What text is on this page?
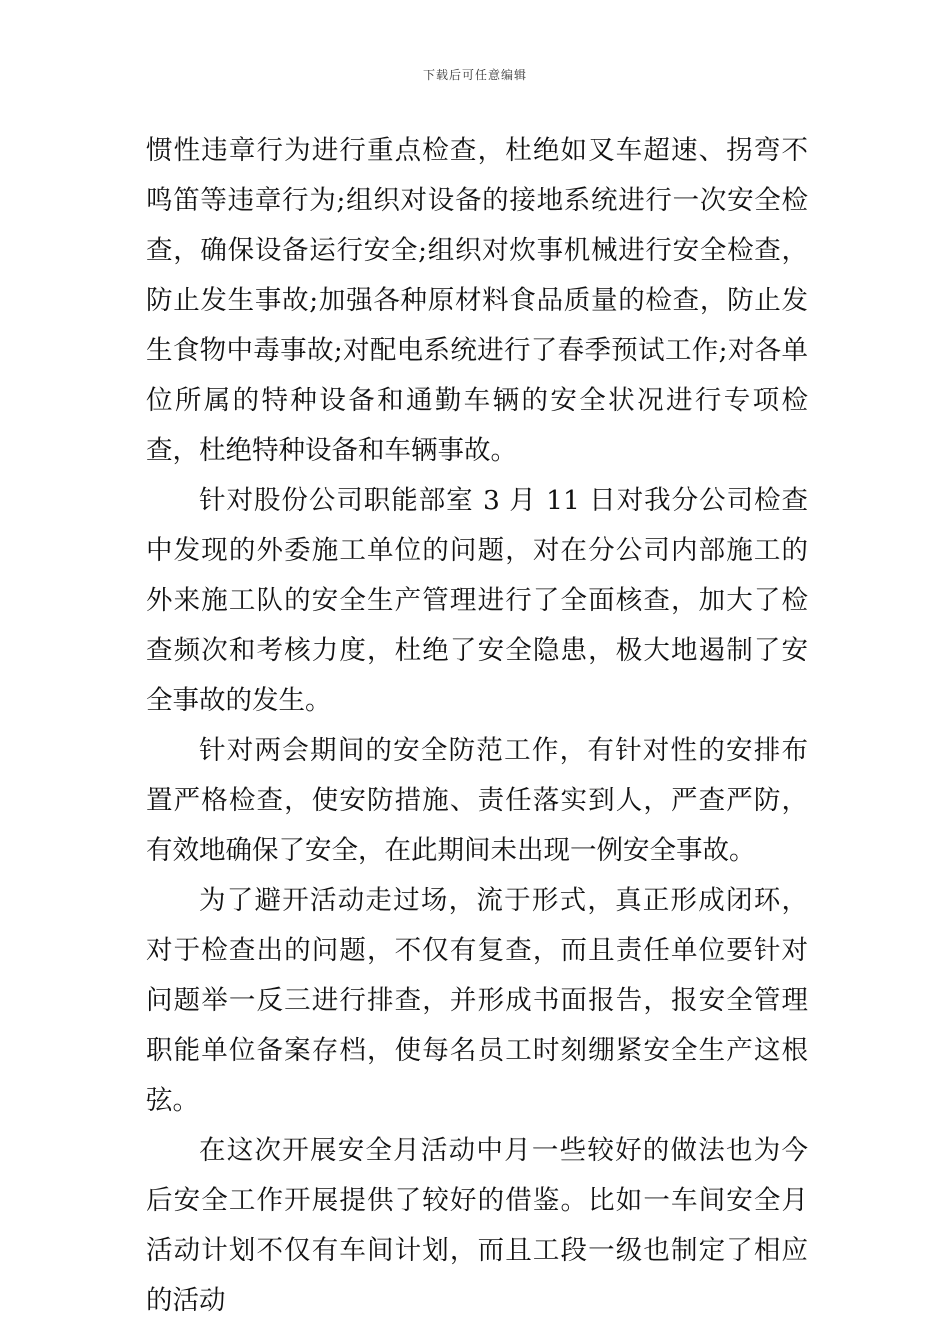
下载后可任意编辑

惯性违章行为进行重点检查，杜绝如叉车超速、拐弯不鸣笛等违章行为;组织对设备的接地系统进行一次安全检查，确保设备运行安全;组织对炊事机械进行安全检查，防止发生事故;加强各种原材料食品质量的检查，防止发生食物中毒事故;对配电系统进行了春季预试工作;对各单位所属的特种设备和通勤车辆的安全状况进行专项检查，杜绝特种设备和车辆事故。

针对股份公司职能部室 3 月 11 日对我分公司检查中发现的外委施工单位的问题，对在分公司内部施工的外来施工队的安全生产管理进行了全面核查，加大了检查频次和考核力度，杜绝了安全隐患，极大地遏制了安全事故的发生。

针对两会期间的安全防范工作，有针对性的安排布置严格检查，使安防措施、责任落实到人，严查严防，有效地确保了安全，在此期间未出现一例安全事故。

为了避开活动走过场，流于形式，真正形成闭环，对于检查出的问题，不仅有复查，而且责任单位要针对问题举一反三进行排查，并形成书面报告，报安全管理职能单位备案存档，使每名员工时刻绷紧安全生产这根弦。

在这次开展安全月活动中月一些较好的做法也为今后安全工作开展提供了较好的借鉴。比如一车间安全月活动计划不仅有车间计划，而且工段一级也制定了相应的活动
